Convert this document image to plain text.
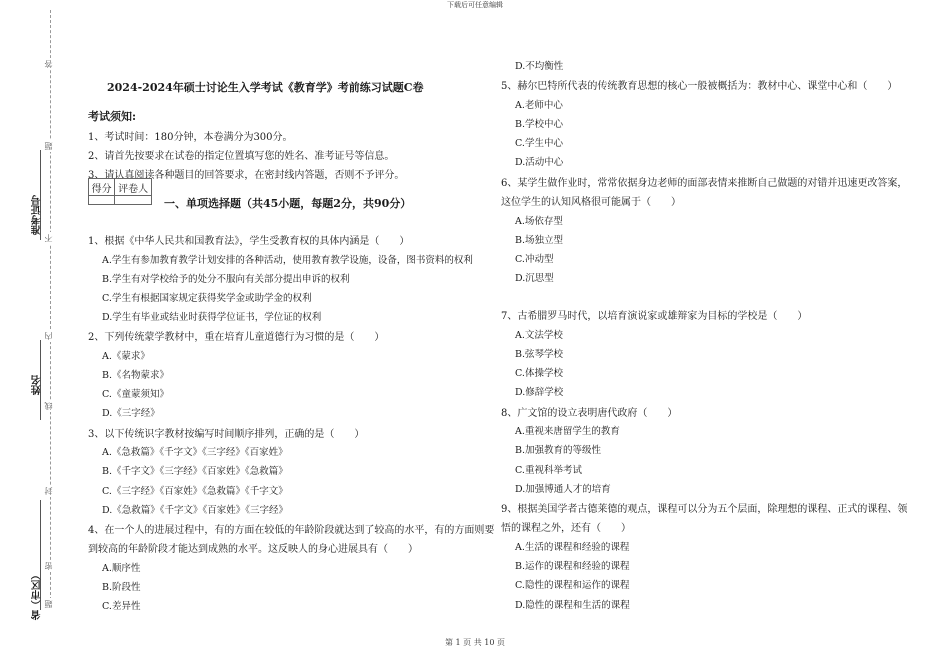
下载后可任意编辑
准考证号
姓名
省（市区）
答
题
不
内
线
封
密
题
2024-2024年硕士讨论生入学考试《教育学》考前练习试题C卷
考试须知:
1、考试时间：180分钟，本卷满分为300分。
2、请首先按要求在试卷的指定位置填写您的姓名、准考证号等信息。
3、请认真阅读各种题目的回答要求，在密封线内答题，否则不予评分。
得分	评卷人

一、单项选择题（共45小题，每题2分，共90分）
1、根据《中华人民共和国教育法》，学生受教育权的具体内涵是（　　）
A.学生有参加教育教学计划安排的各种活动，使用教育教学设施，设备，图书资料的权利
B.学生有对学校给予的处分不服向有关部分提出申诉的权利
C.学生有根据国家规定获得奖学金或助学金的权利
D.学生有毕业或结业时获得学位证书，学位证的权利
2、下列传统蒙学教材中，重在培育儿童道德行为习惯的是（　　）
A.《蒙求》
B.《名物蒙求》
C.《童蒙须知》
D.《三字经》
3、以下传统识字教材按编写时间顺序排列，正确的是（　　）
A.《急救篇》《千字文》《三字经》《百家姓》
B.《千字文》《三字经》《百家姓》《急救篇》
C.《三字经》《百家姓》《急救篇》《千字文》
D.《急救篇》《千字文》《百家姓》《三字经》
4、在一个人的进展过程中，有的方面在较低的年龄阶段就达到了较高的水平，有的方面则要
到较高的年龄阶段才能达到成熟的水平。这反映人的身心进展具有（　　）
A.顺序性
B.阶段性
C.差异性
D.不均衡性
5、赫尔巴特所代表的传统教育思想的核心一般被概括为：教材中心、课堂中心和（　　）
A.老师中心
B.学校中心
C.学生中心
D.活动中心
6、某学生做作业时，常常依据身边老师的面部表情来推断自己做题的对错并迅速更改答案，
这位学生的认知风格很可能属于（　　）
A.场依存型
B.场独立型
C.冲动型
D.沉思型
7、古希腊罗马时代，以培育演说家或雄辩家为目标的学校是（　　）
A.文法学校
B.弦琴学校
C.体操学校
D.修辞学校
8、广文馆的设立表明唐代政府（　　）
A.重视来唐留学生的教育
B.加强教育的等级性
C.重视科举考试
D.加强博通人才的培育
9、根据美国学者古德莱德的观点，课程可以分为五个层面，除理想的课程、正式的课程、领
悟的课程之外，还有（　　）
A.生活的课程和经验的课程
B.运作的课程和经验的课程
C.隐性的课程和运作的课程
D.隐性的课程和生活的课程
第 1 页 共 10 页
